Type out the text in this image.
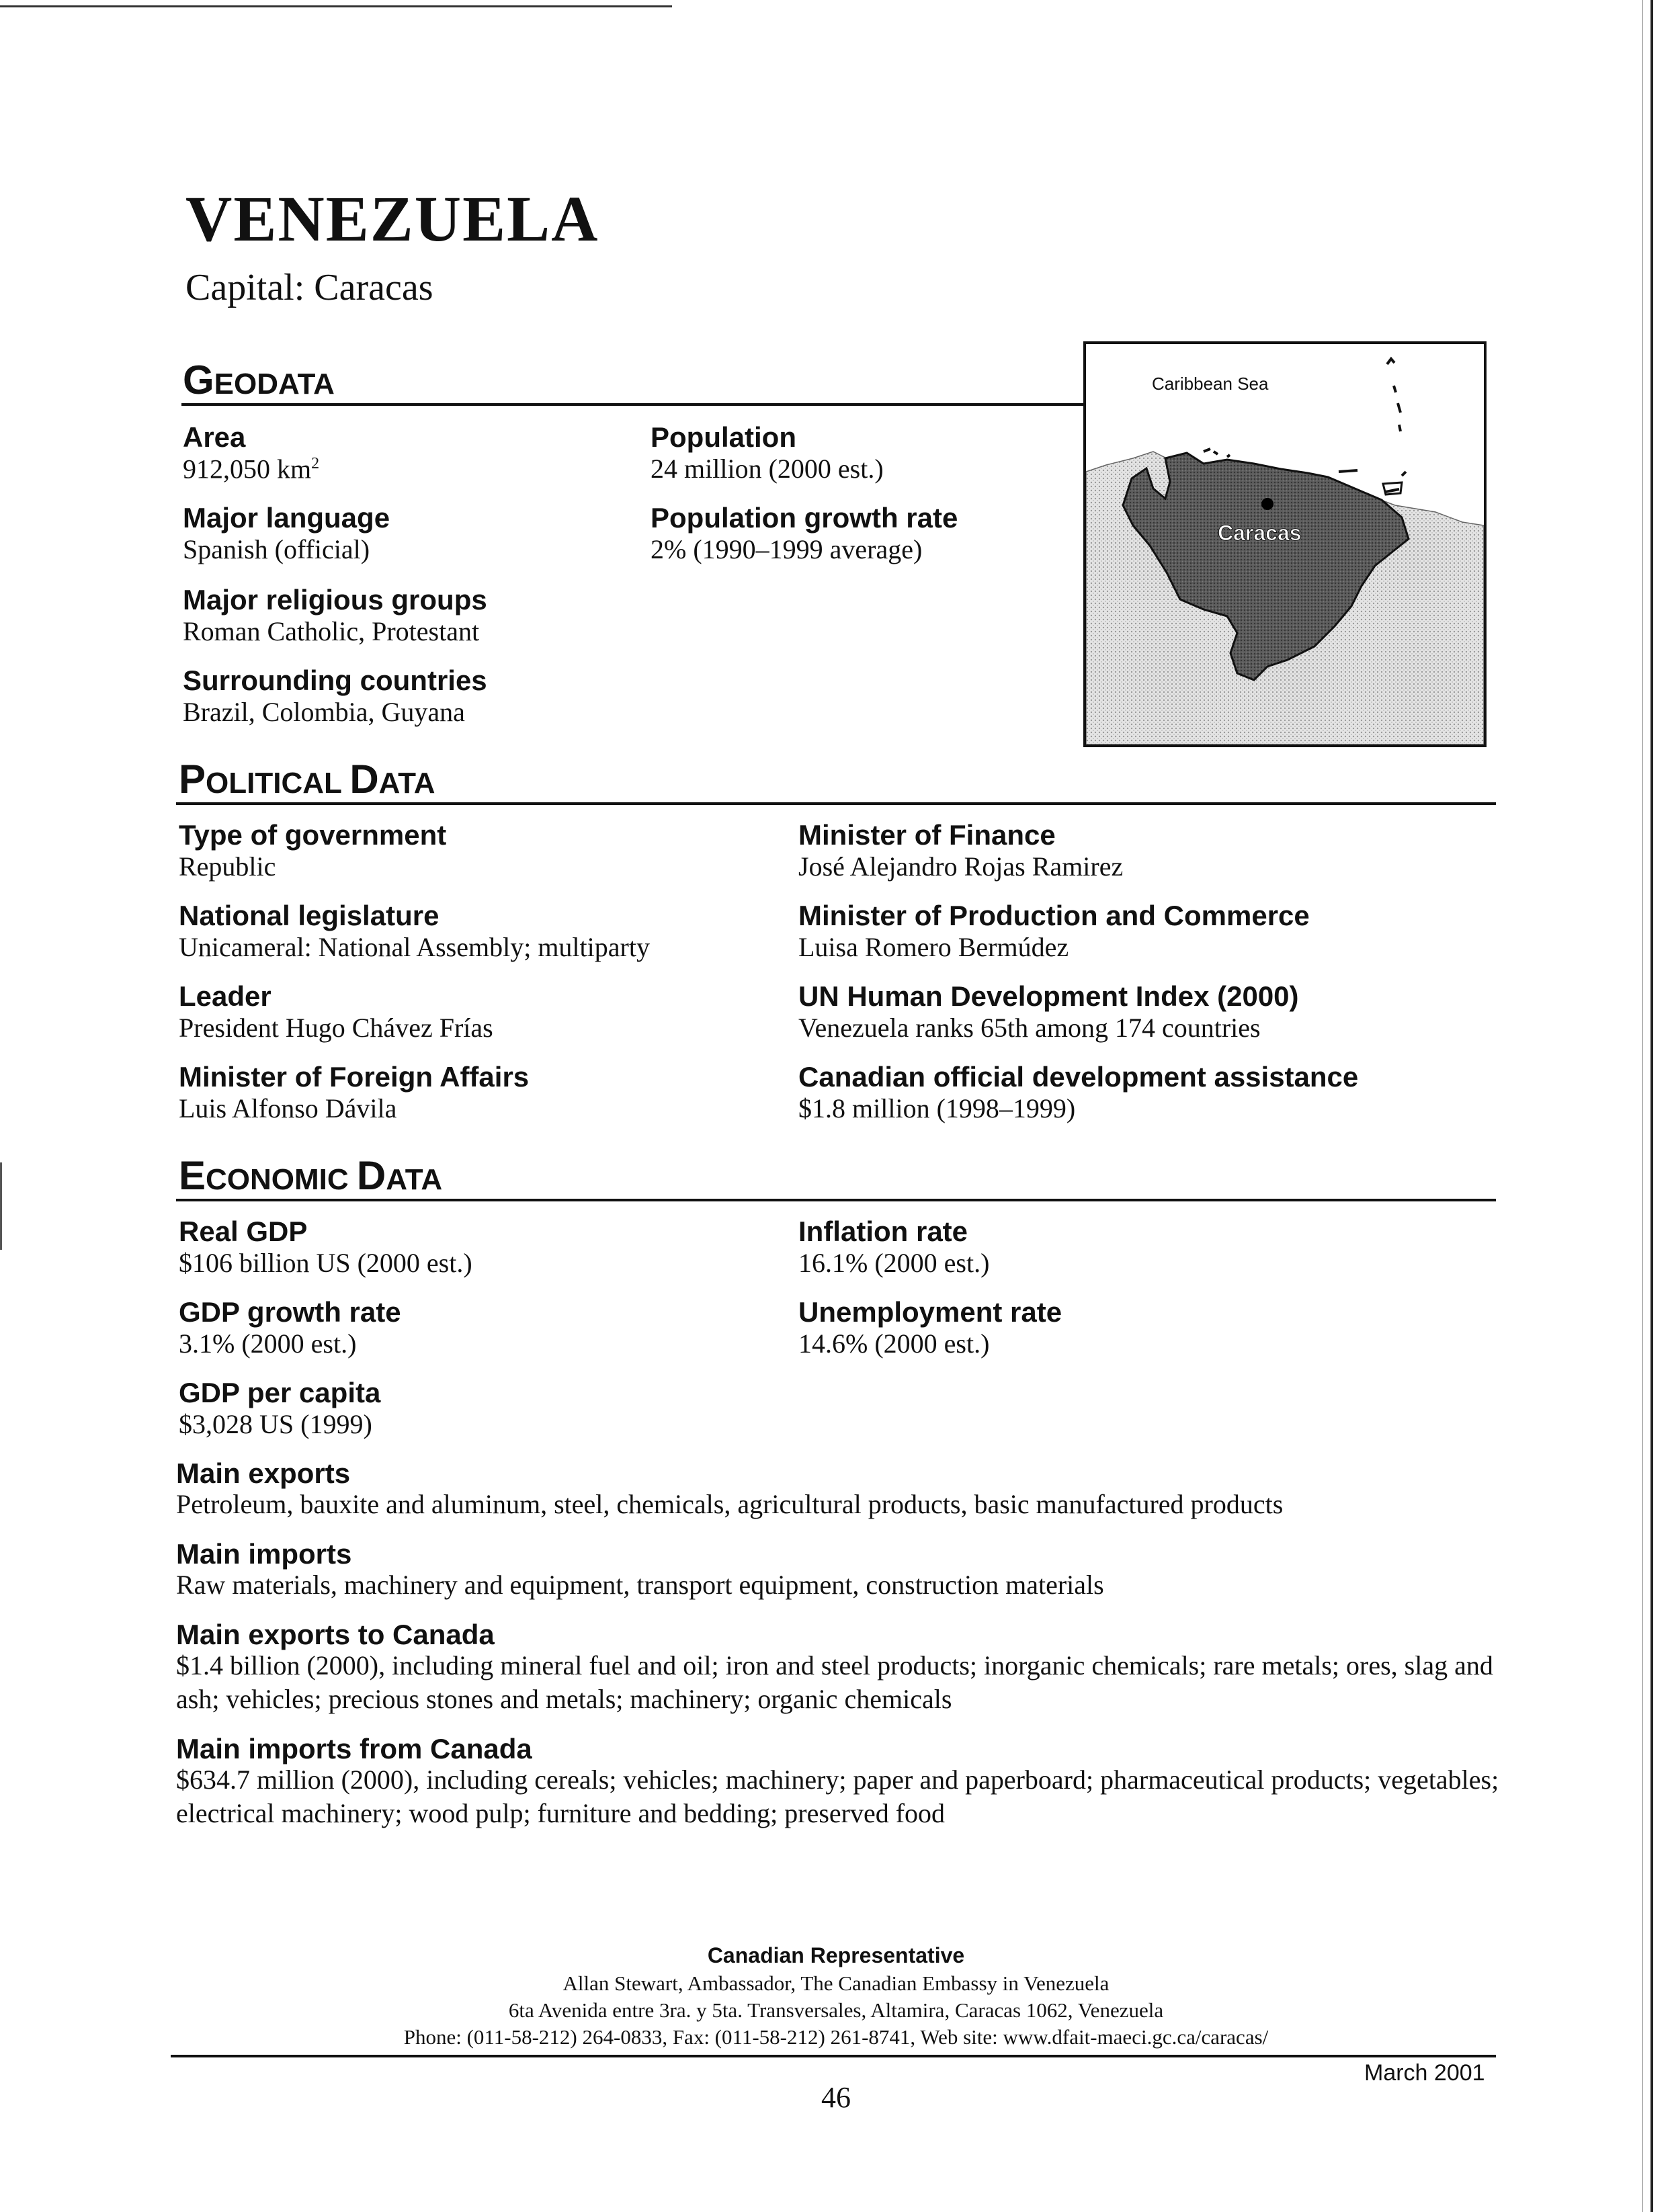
VENEZUELA
Capital: Caracas
GEODATA
Area
912,050 $km^2$
Major language
Spanish (official)
Major religious groups
Roman Catholic, Protestant
Surrounding countries
Brazil, Colombia, Guyana
Population
24 million (2000 est.)
Population growth rate
2% (1990–1999 average)
Caribbean Sea
Caracas
POLITICAL DATA
Type of government
Republic
National legislature
Unicameral: National Assembly; multiparty
Leader
President Hugo Chávez Frías
Minister of Foreign Affairs
Luis Alfonso Dávila
Minister of Finance
José Alejandro Rojas Ramirez
Minister of Production and Commerce
Luisa Romero Bermúdez
UN Human Development Index (2000)
Venezuela ranks 65th among 174 countries
Canadian official development assistance
$1.8 million (1998–1999)
ECONOMIC DATA
Real GDP
$106 billion US (2000 est.)
GDP growth rate
3.1% (2000 est.)
GDP per capita
$3,028 US (1999)
Inflation rate
16.1% (2000 est.)
Unemployment rate
14.6% (2000 est.)
Main exports
Petroleum, bauxite and aluminum, steel, chemicals, agricultural products, basic manufactured products
Main imports
Raw materials, machinery and equipment, transport equipment, construction materials
Main exports to Canada
$1.4 billion (2000), including mineral fuel and oil; iron and steel products; inorganic chemicals; rare metals; ores, slag and ash; vehicles; precious stones and metals; machinery; organic chemicals
Main imports from Canada
$634.7 million (2000), including cereals; vehicles; machinery; paper and paperboard; pharmaceutical products; vegetables; electrical machinery; wood pulp; furniture and bedding; preserved food
Canadian Representative
Allan Stewart, Ambassador, The Canadian Embassy in Venezuela
6ta Avenida entre 3ra. y 5ta. Transversales, Altamira, Caracas 1062, Venezuela
Phone: (011-58-212) 264-0833, Fax: (011-58-212) 261-8741, Web site: www.dfait-maeci.gc.ca/caracas/
March 2001
46
